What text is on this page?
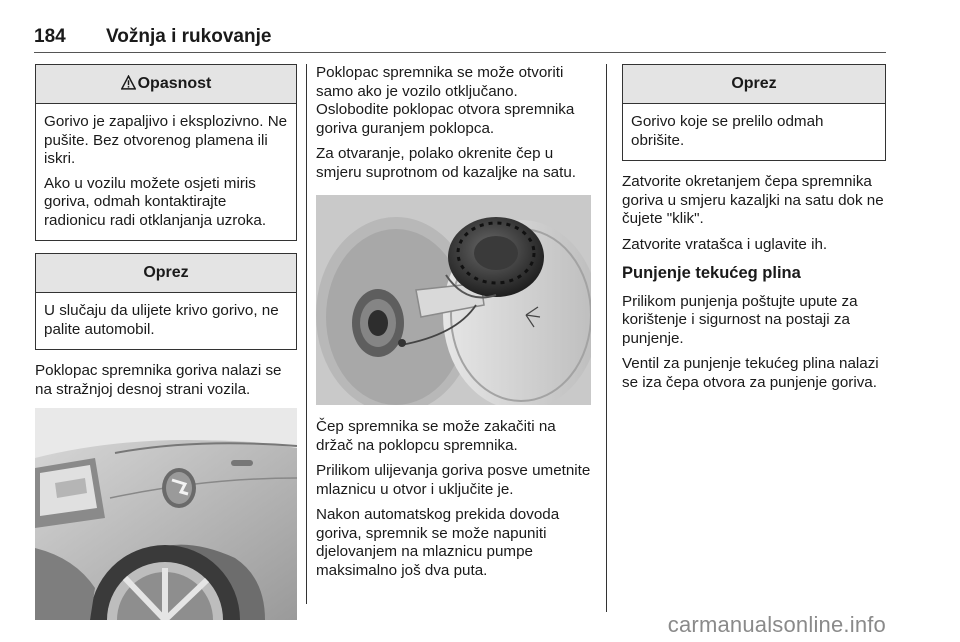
184 Vožnja i rukovanje
Opasnost

Gorivo je zapaljivo i eksplozivno. Ne pušite. Bez otvorenog plamena ili iskri.

Ako u vozilu možete osjeti miris goriva, odmah kontaktirajte radionicu radi otklanjanja uzroka.

Oprez

U slučaju da ulijete krivo gorivo, ne palite automobil.

Poklopac spremnika goriva nalazi se na stražnjoj desnoj strani vozila.

Poklopac spremnika se može otvoriti samo ako je vozilo otključano. Oslobodite poklopac otvora spremnika goriva guranjem poklopca.

Za otvaranje, polako okrenite čep u smjeru suprotnom od kazaljke na satu.

Čep spremnika se može zakačiti na držač na poklopcu spremnika.

Prilikom ulijevanja goriva posve umetnite mlaznicu u otvor i uključite je.

Nakon automatskog prekida dovoda goriva, spremnik se može napuniti djelovanjem na mlaznicu pumpe maksimalno još dva puta.

Oprez

Gorivo koje se prelilo odmah obrišite.

Zatvorite okretanjem čepa spremnika goriva u smjeru kazaljki na satu dok ne čujete "klik".

Zatvorite vratašca i uglavite ih.

Punjenje tekućeg plina

Prilikom punjenja poštujte upute za korištenje i sigurnost na postaji za punjenje.

Ventil za punjenje tekućeg plina nalazi se iza čepa otvora za punjenje goriva.

carmanualsonline.info
